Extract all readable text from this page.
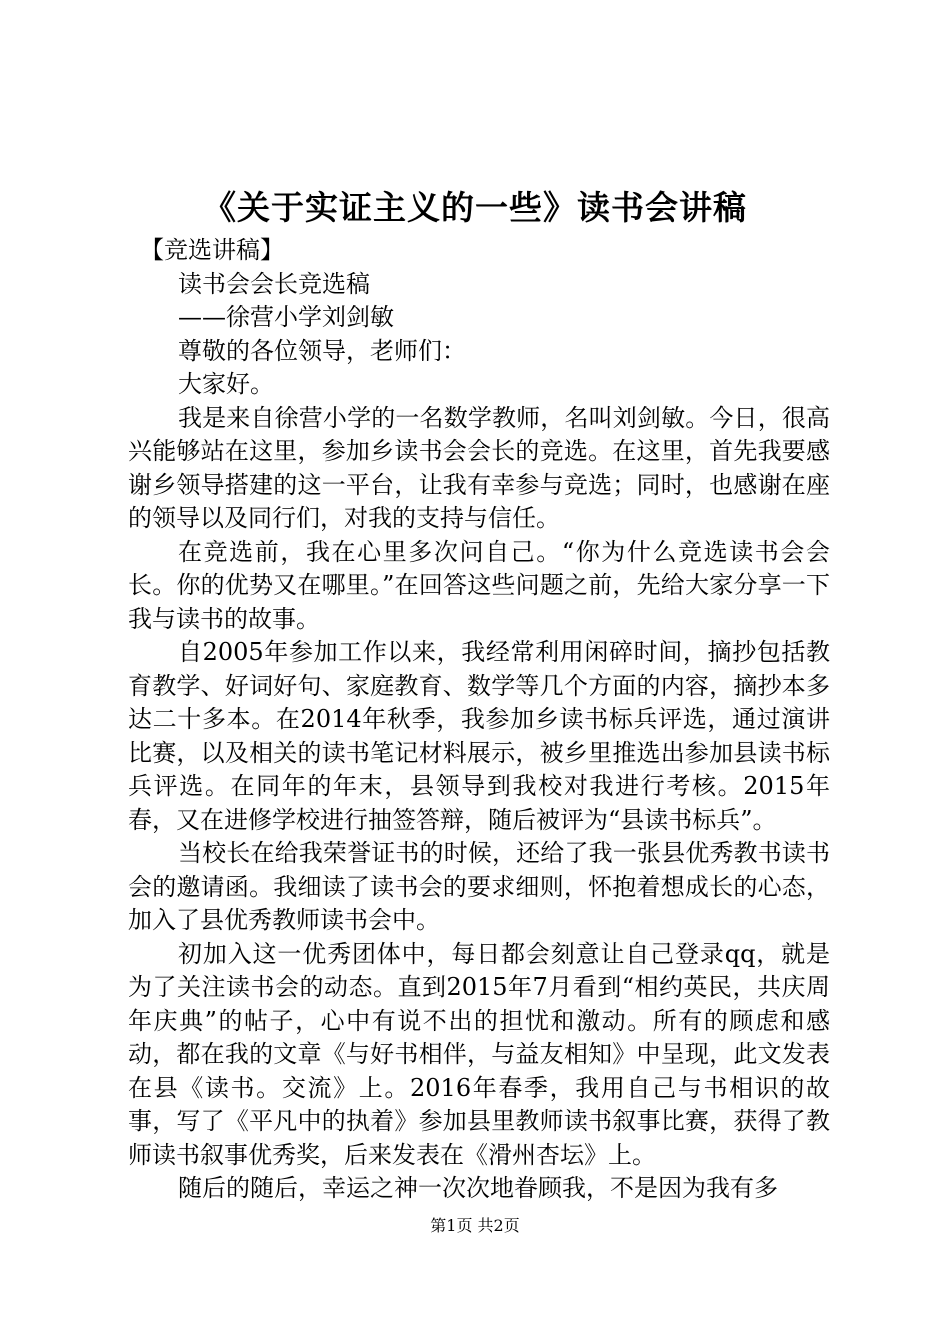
《关于实证主义的一些》读书会讲稿

【竞选讲稿】

读书会会长竞选稿

——徐营小学刘剑敏

尊敬的各位领导，老师们：

大家好。

我是来自徐营小学的一名数学教师，名叫刘剑敏。今日，很高兴能够站在这里，参加乡读书会会长的竞选。在这里，首先我要感谢乡领导搭建的这一平台，让我有幸参与竞选；同时，也感谢在座的领导以及同行们，对我的支持与信任。

在竞选前，我在心里多次问自己。“你为什么竞选读书会会长。你的优势又在哪里。”在回答这些问题之前，先给大家分享一下我与读书的故事。

自2005年参加工作以来，我经常利用闲碎时间，摘抄包括教育教学、好词好句、家庭教育、数学等几个方面的内容，摘抄本多达二十多本。在2014年秋季，我参加乡读书标兵评选，通过演讲比赛，以及相关的读书笔记材料展示，被乡里推选出参加县读书标兵评选。在同年的年末，县领导到我校对我进行考核。2015年春，又在进修学校进行抽签答辩，随后被评为“县读书标兵”。

当校长在给我荣誉证书的时候，还给了我一张县优秀教书读书会的邀请函。我细读了读书会的要求细则，怀抱着想成长的心态，加入了县优秀教师读书会中。

初加入这一优秀团体中，每日都会刻意让自己登录qq，就是为了关注读书会的动态。直到2015年7月看到“相约英民，共庆周年庆典”的帖子，心中有说不出的担忧和激动。所有的顾虑和感动，都在我的文章《与好书相伴，与益友相知》中呈现，此文发表在县《读书。交流》上。2016年春季，我用自己与书相识的故事，写了《平凡中的执着》参加县里教师读书叙事比赛，获得了教师读书叙事优秀奖，后来发表在《滑州杏坛》上。

随后的随后，幸运之神一次次地眷顾我，不是因为我有多

第1页 共2页
